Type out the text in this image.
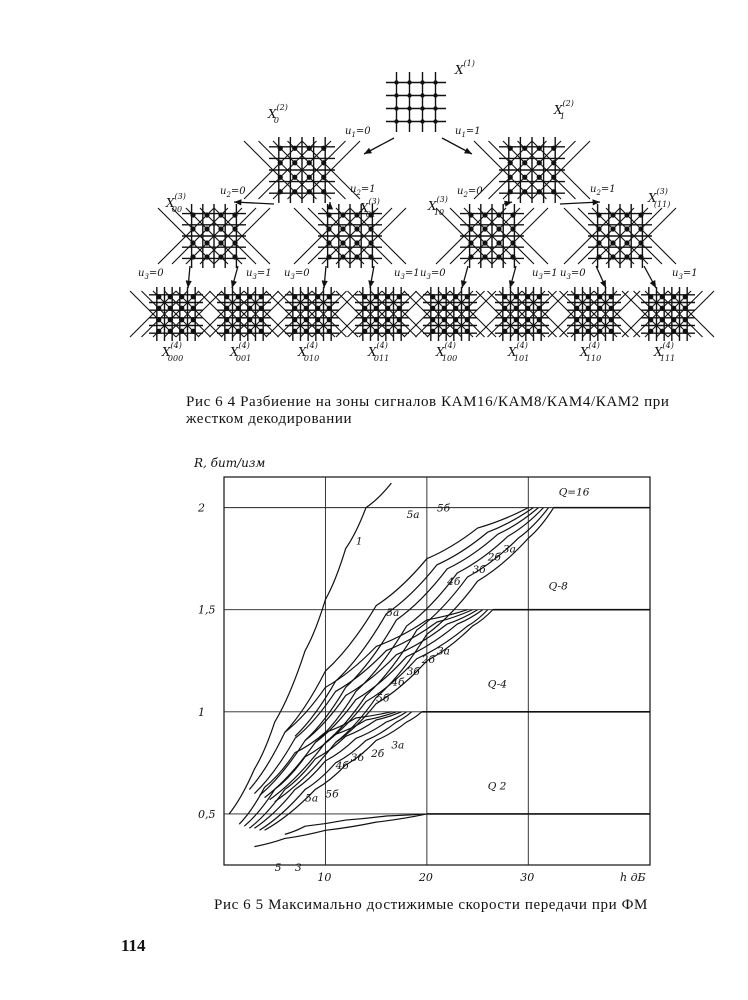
$X^{(1)}$
$X^{(2)}$ 0
$u_1=0$
$X^{(2)}$ 1
$u_1=1$
$X^{(3)}$ 00
$u_2=0$
$X^{(3)}$ 01
$u_2=1$
$X^{(3)}$ 10
$u_2=0$	$X^{(3)}$ (11)
$u_2=1$
$X^{(4)}$ 000
$u_3=0$
$X^{(4)}$ 001
$u_3=1$
$X^{(4)}$ 010
$u_3=0$
$X^{(4)}$ 011
$u_3=1$
$X^{(4)}$ 100
$u_3=0$
$X^{(4)}$ 101
$u_3=1$
$X^{(4)}$ 110
$u_3=0$
$X^{(4)}$ 111
$u_3=1$
Рис 6 4 Разбиение на зоны сигналов КАМ16/КАМ8/КАМ4/КАМ2 при жестком декодировании
10	20	30
0,5
1
1,5
2
R, бит/изм
h дБ
1
Q=16
Q-8
Q-4
Q 2
5а
5б
4б
3б
2б
3а
5а
3а
2б
3б
4б
5б
3а
2б
3б
4б
5б
5а
5 3
Рис 6 5 Максимально достижимые скорости передачи при ФМ
114
